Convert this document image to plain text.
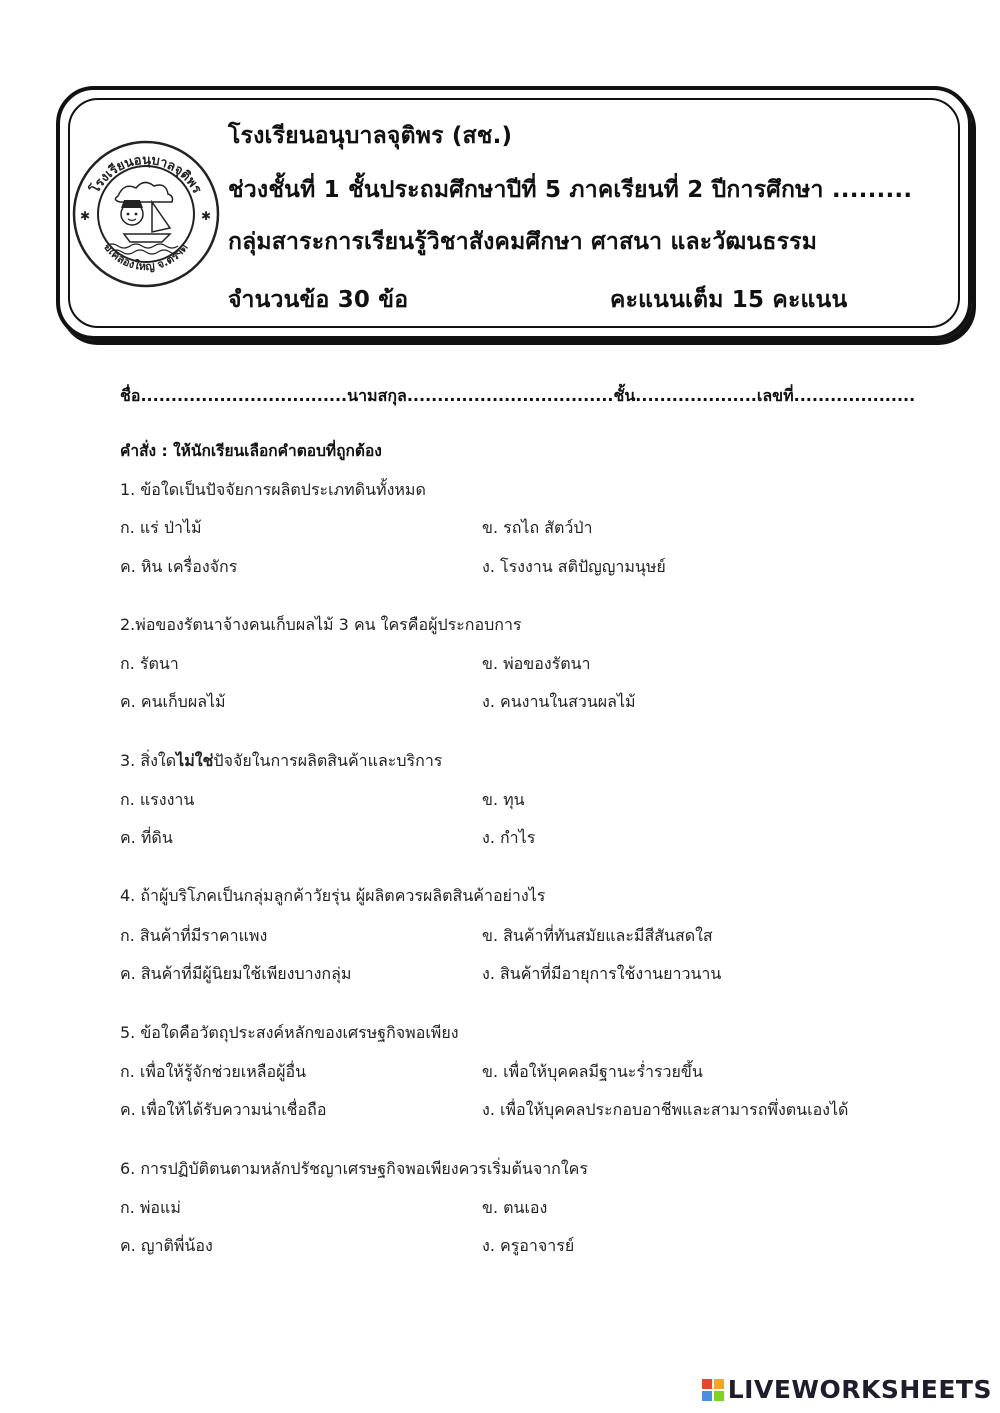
โรงเรียนอนุบาลจุติพร
อ.คลองใหญ่ จ.ตราด
✱	✱
โรงเรียนอนุบาลจุติพร (สช.)
ช่วงชั้นที่ 1 ชั้นประถมศึกษาปีที่ 5 ภาคเรียนที่ 2 ปีการศึกษา .........
กลุ่มสาระการเรียนรู้วิชาสังคมศึกษา ศาสนา และวัฒนธรรม
จำนวนข้อ 30 ข้อ	คะแนนเต็ม 15 คะแนน
ชื่อ..................................นามสกุล..................................ชั้น....................เลขที่....................
คำสั่ง : ให้นักเรียนเลือกคำตอบที่ถูกต้อง
1. ข้อใดเป็นปัจจัยการผลิตประเภทดินทั้งหมด
ก. แร่ ป่าไม้	ข. รถไถ สัตว์ป่า
ค. หิน เครื่องจักร	ง. โรงงาน สติปัญญามนุษย์
2.พ่อของรัตนาจ้างคนเก็บผลไม้ 3 คน ใครคือผู้ประกอบการ
ก. รัตนา	ข. พ่อของรัตนา
ค. คนเก็บผลไม้	ง. คนงานในสวนผลไม้
3. สิ่งใดไม่ใช่ปัจจัยในการผลิตสินค้าและบริการ
ก. แรงงาน	ข. ทุน
ค. ที่ดิน	ง. กำไร
4. ถ้าผู้บริโภคเป็นกลุ่มลูกค้าวัยรุ่น ผู้ผลิตควรผลิตสินค้าอย่างไร
ก. สินค้าที่มีราคาแพง	ข. สินค้าที่ทันสมัยและมีสีสันสดใส
ค. สินค้าที่มีผู้นิยมใช้เพียงบางกลุ่ม	ง. สินค้าที่มีอายุการใช้งานยาวนาน
5. ข้อใดคือวัตถุประสงค์หลักของเศรษฐกิจพอเพียง
ก. เพื่อให้รู้จักช่วยเหลือผู้อื่น	ข. เพื่อให้บุคคลมีฐานะร่ำรวยขึ้น
ค. เพื่อให้ได้รับความน่าเชื่อถือ	ง. เพื่อให้บุคคลประกอบอาชีพและสามารถพึ่งตนเองได้
6. การปฏิบัติตนตามหลักปรัชญาเศรษฐกิจพอเพียงควรเริ่มต้นจากใคร
ก. พ่อแม่	ข. ตนเอง
ค. ญาติพี่น้อง	ง. ครูอาจารย์
LIVEWORKSHEETS
